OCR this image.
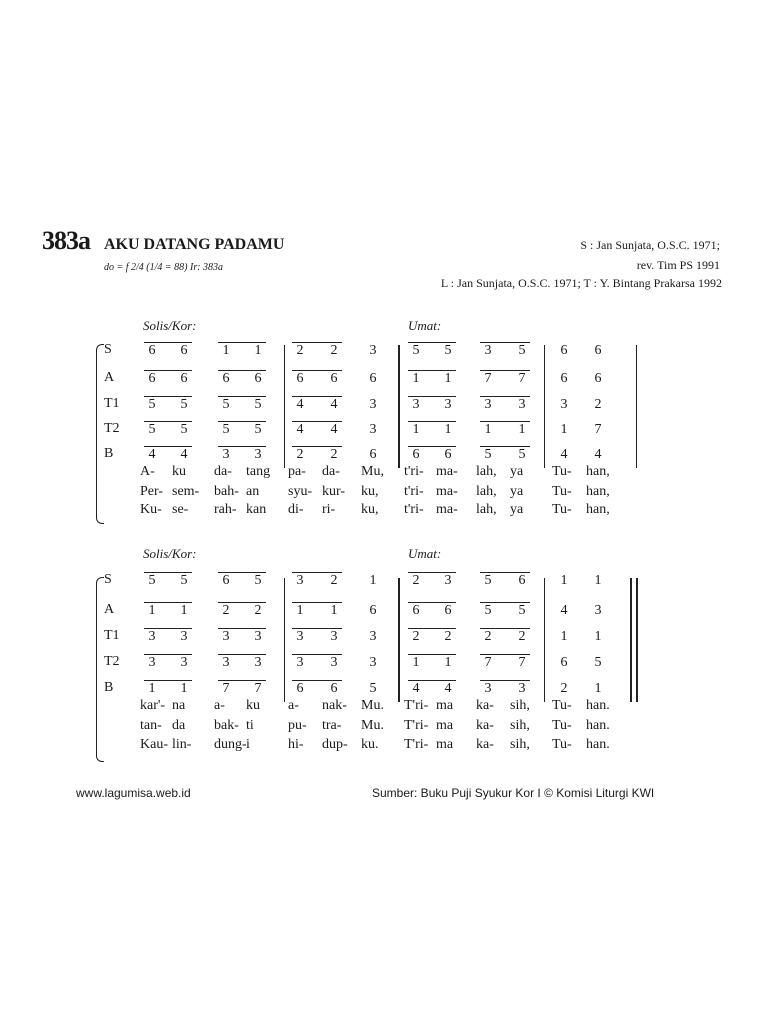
383a AKU DATANG PADAMU
do = f 2/4 (1/4 = 88) Ir: 383a
S : Jan Sunjata, O.S.C. 1971;
rev. Tim PS 1991
L : Jan Sunjata, O.S.C. 1971; T : Y. Bintang Prakarsa 1992
Solis/Kor:	Umat:
S	6	6	1	1	2	2	3	5	5	3	5	6	6
A	6	6	6	6	6	6	6	1	1	7	7	6	6
T1	5	5	5	5	4	4	3	3	3	3	3	3	2
T2	5	5	5	5	4	4	3	1	1	1	1	1	7
B	4	4	3	3	2	2	6	6	6	5	5	4	4
A- ku da- tang pa- da- Mu, t'ri- ma- lah, ya Tu- han,
Per- sem- bah- an syu- kur- ku, t'ri- ma- lah, ya Tu- han,
Ku- se- rah- kan di- ri- ku, t'ri- ma- lah, ya Tu- han,
Solis/Kor:	Umat:
S	5	5	6	5	3	2	1	2	3	5	6	1	1
A	1	1	2	2	1	1	6	6	6	5	5	4	3
T1	3	3	3	3	3	3	3	2	2	2	2	1	1
T2	3	3	3	3	3	3	3	1	1	7	7	6	5
B	1	1	7	7	6	6	5	4	4	3	3	2	1
kar'- na a- ku a- nak- Mu. T'ri- ma ka- sih, Tu- han.
tan- da bak- ti pu- tra- Mu. T'ri- ma ka- sih, Tu- han.
Kau- lin- dung- i	hi- dup- ku. T'ri- ma ka- sih, Tu- han.
www.lagumisa.web.id	Sumber: Buku Puji Syukur Kor I © Komisi Liturgi KWI
